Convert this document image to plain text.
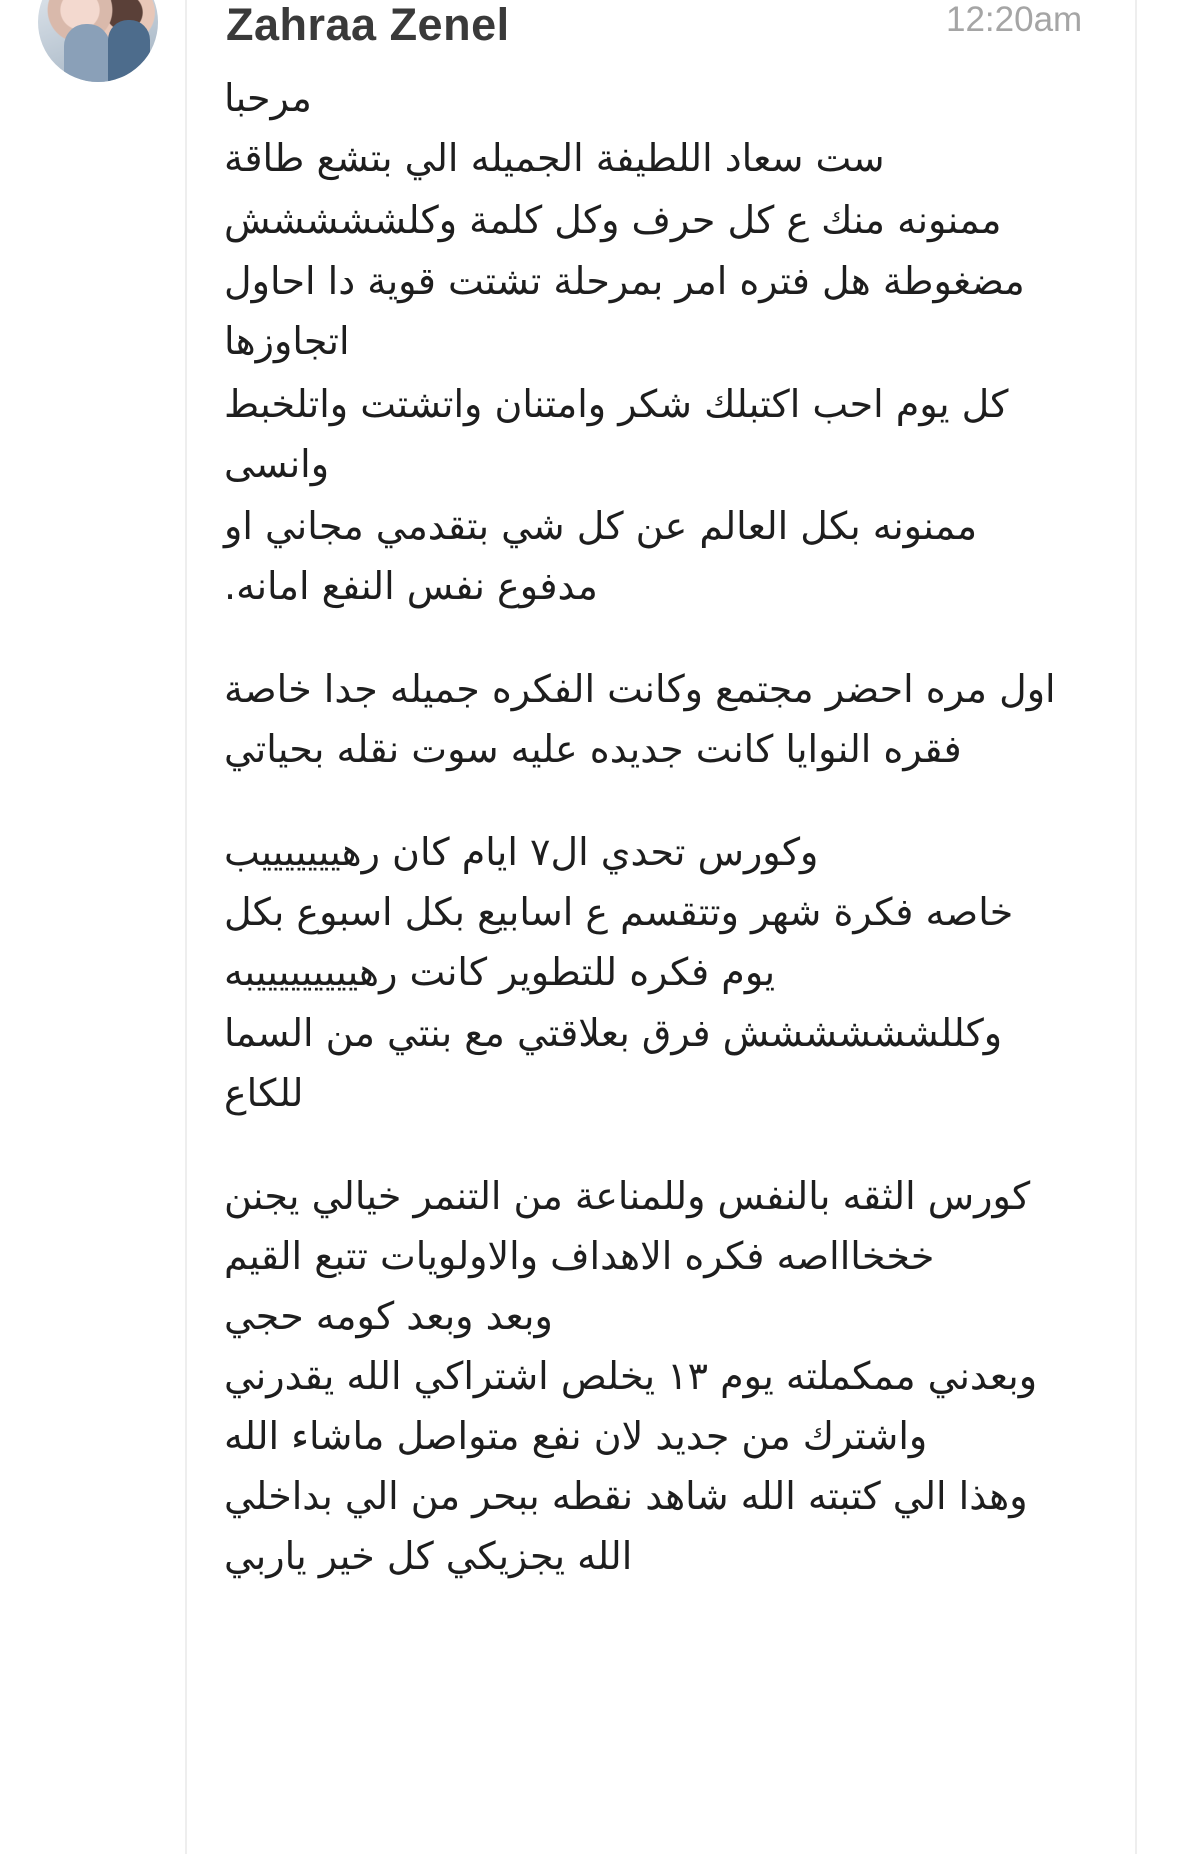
Zahraa Zenel	12:20am
مرحبا
ست سعاد اللطيفة الجميله الي بتشع طاقة
ممنونه منك ع كل حرف وكل كلمة وكلششششش
مضغوطة هل فتره امر بمرحلة تشتت قوية دا احاول
اتجاوزها
كل يوم احب اكتبلك شكر وامتنان واتشتت واتلخبط
وانسى
ممنونه بكل العالم عن كل شي بتقدمي مجاني او
مدفوع نفس النفع امانه.
اول مره احضر مجتمع وكانت الفكره جميله جدا خاصة
فقره النوايا كانت جديده عليه سوت نقله بحياتي
وكورس تحدي ال٧ ايام كان رهيييييييب
خاصه فكرة شهر وتتقسم ع اسابيع بكل اسبوع بكل
يوم فكره للتطوير كانت رهيييييييييبه
وكللشششششش فرق بعلاقتي مع بنتي من السما
للكاع
كورس الثقه بالنفس وللمناعة من التنمر خيالي يجنن
خخخاااصه فكره الاهداف والاولويات تتبع القيم
وبعد وبعد كومه حجي
وبعدني ممكملته يوم ١٣ يخلص اشتراكي الله يقدرني
واشترك من جديد لان نفع متواصل ماشاء الله
وهذا الي كتبته الله شاهد نقطه ببحر من الي بداخلي
الله يجزيكي كل خير ياربي
